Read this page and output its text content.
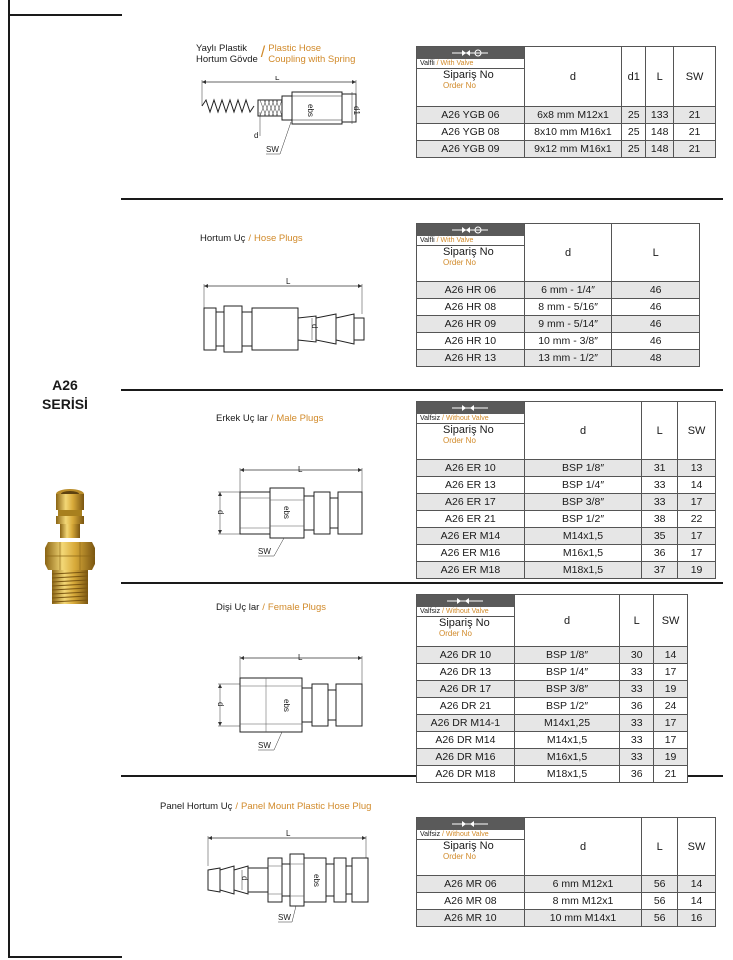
A26
SERİSİ
Yaylı Plastik
Hortum Gövde / Plastic Hose
Coupling with Spring
L
ebs	d1
d
SW
Valfli / With Valve
Sipariş No
Order No	d	d1	L	SW
A26 YGB 06	6x8 mm M12x1	25	133	21
A26 YGB 08	8x10 mm M16x1	25	148	21
A26 YGB 09	9x12 mm M16x1	25	148	21
Hortum Uç / Hose Plugs
L
d
Valfli / With Valve
Sipariş No
Order No	d	L
A26 HR 06	6 mm - 1/4″	46
A26 HR 08	8 mm - 5/16″	46
A26 HR 09	9 mm - 5/14″	46
A26 HR 10	10 mm - 3/8″	46
A26 HR 13	13 mm - 1/2″	48
Erkek Uç lar / Male Plugs
L
d	ebs
SW
Valfsiz / Without Valve
Sipariş No
Order No	d	L	SW
A26 ER 10	BSP 1/8″	31	13
A26 ER 13	BSP 1/4″	33	14
A26 ER 17	BSP 3/8″	33	17
A26 ER 21	BSP 1/2″	38	22
A26 ER M14	M14x1,5	35	17
A26 ER M16	M16x1,5	36	17
A26 ER M18	M18x1,5	37	19
Dişi Uç lar / Female Plugs
L
d	ebs
SW
Valfsiz / Without Valve
Sipariş No
Order No	d	L	SW
A26 DR 10	BSP 1/8″	30	14
A26 DR 13	BSP 1/4″	33	17
A26 DR 17	BSP 3/8″	33	19
A26 DR 21	BSP 1/2″	36	24
A26 DR M14-1	M14x1,25	33	17
A26 DR M14	M14x1,5	33	17
A26 DR M16	M16x1,5	33	19
A26 DR M18	M18x1,5	36	21
Panel Hortum Uç / Panel Mount Plastic Hose Plug
L
d	ebs
SW
Valfsiz / Without Valve
Sipariş No
Order No	d	L	SW
A26 MR 06	6 mm M12x1	56	14
A26 MR 08	8 mm M12x1	56	14
A26 MR 10	10 mm M14x1	56	16
